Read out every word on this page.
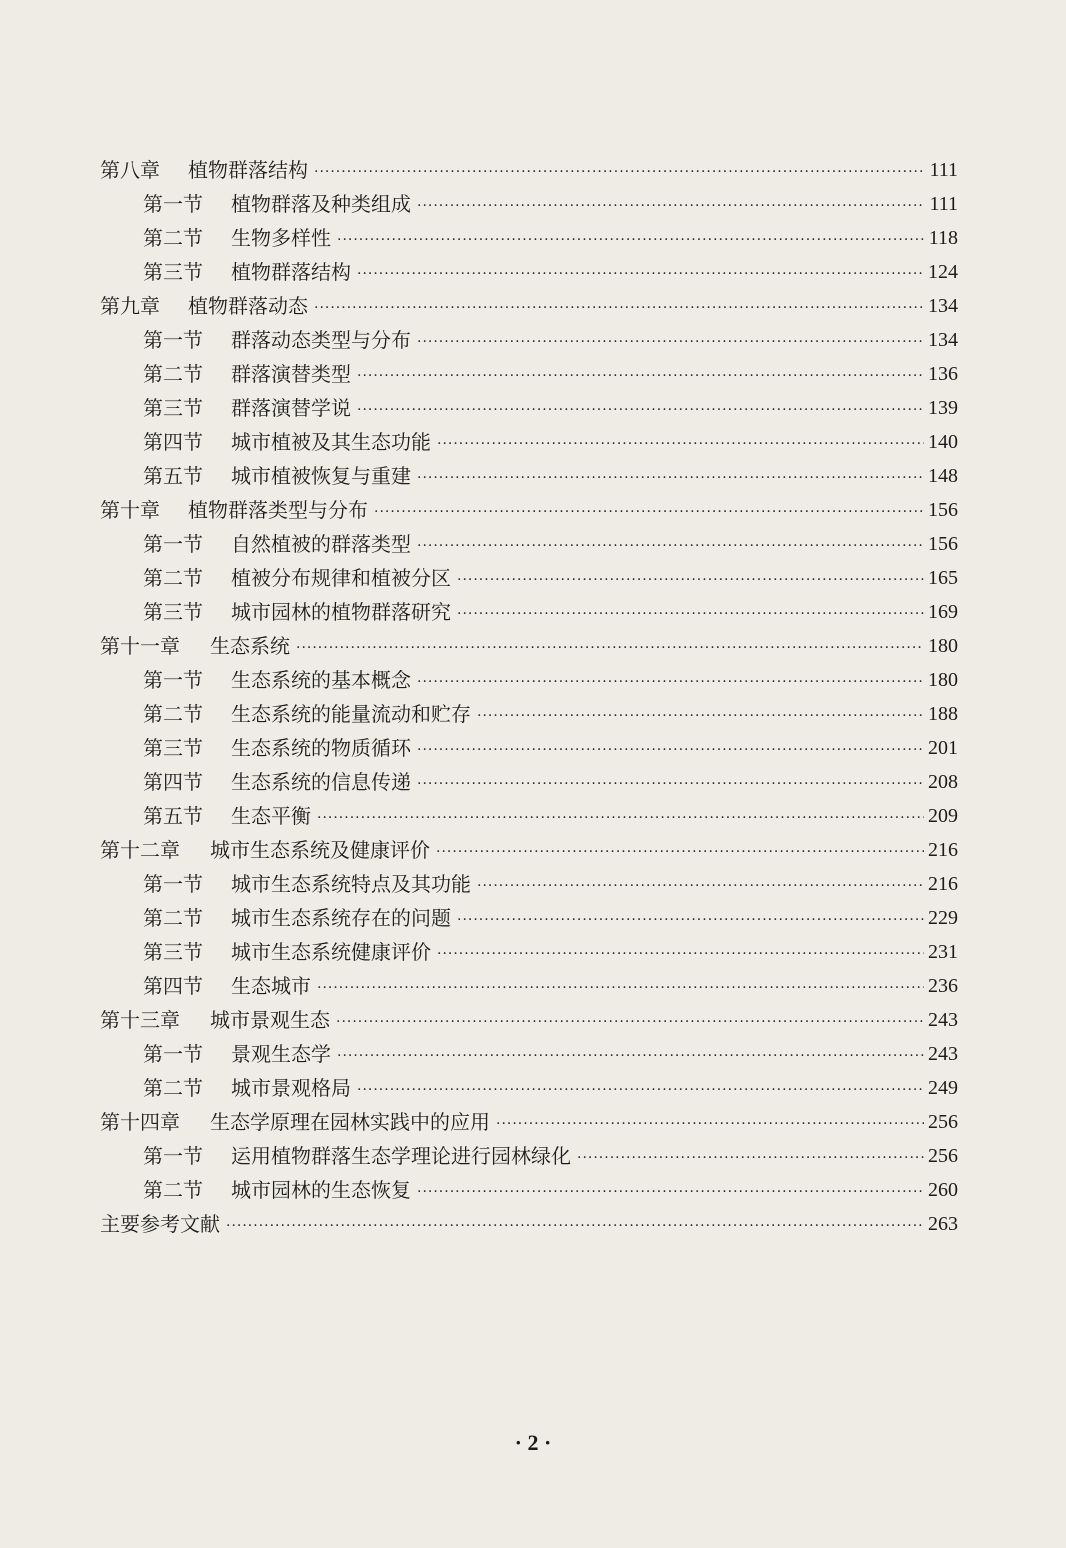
第八章	植物群落结构 ·····	111
第一节	植物群落及种类组成 ·····	111
第二节	生物多样性 ·····	118
第三节	植物群落结构 ·····	124
第九章	植物群落动态 ·····	134
第一节	群落动态类型与分布 ·····	134
第二节	群落演替类型 ·····	136
第三节	群落演替学说 ·····	139
第四节	城市植被及其生态功能 ·····	140
第五节	城市植被恢复与重建 ·····	148
第十章	植物群落类型与分布 ·····	156
第一节	自然植被的群落类型 ·····	156
第二节	植被分布规律和植被分区 ·····	165
第三节	城市园林的植物群落研究 ·····	169
第十一章	生态系统 ·····	180
第一节	生态系统的基本概念 ·····	180
第二节	生态系统的能量流动和贮存 ·····	188
第三节	生态系统的物质循环 ·····	201
第四节	生态系统的信息传递 ·····	208
第五节	生态平衡 ·····	209
第十二章	城市生态系统及健康评价 ·····	216
第一节	城市生态系统特点及其功能 ·····	216
第二节	城市生态系统存在的问题 ·····	229
第三节	城市生态系统健康评价 ·····	231
第四节	生态城市 ·····	236
第十三章	城市景观生态 ·····	243
第一节	景观生态学 ·····	243
第二节	城市景观格局 ·····	249
第十四章	生态学原理在园林实践中的应用 ·····	256
第一节	运用植物群落生态学理论进行园林绿化 ·····	256
第二节	城市园林的生态恢复 ·····	260
主要参考文献 ·····	263
· 2 ·
